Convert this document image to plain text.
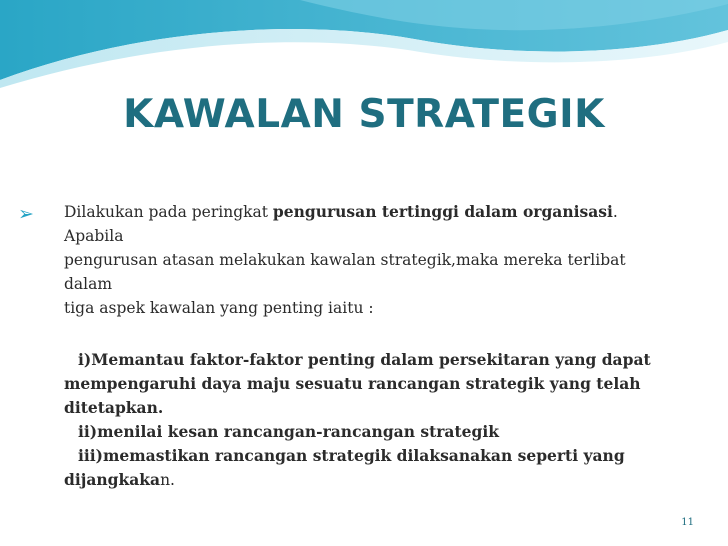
KAWALAN STRATEGIK
➢ Dilakukan pada peringkat pengurusan tertinggi dalam organisasi. Apabila

pengurusan atasan melakukan kawalan strategik,maka mereka terlibat dalam

tiga aspek kawalan yang penting iaitu :

i)Memantau faktor-faktor penting dalam persekitaran yang dapat
mempengaruhi daya maju sesuatu rancangan strategik yang telah
ditetapkan.
ii)menilai kesan rancangan-rancangan strategik
iii)memastikan rancangan strategik dilaksanakan seperti yang
dijangkakan.
11
